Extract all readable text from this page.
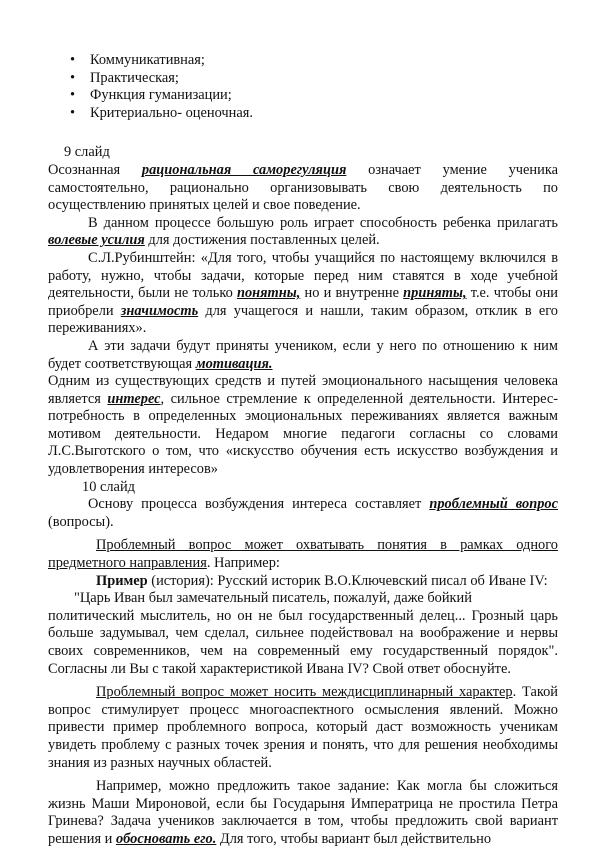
• Коммуникативная;
• Практическая;
• Функция гуманизации;
• Критериально- оценочная.

9 слайд

Осознанная рациональная саморегуляция означает умение ученика самостоятельно, рационально организовывать свою деятельность по осуществлению принятых целей и свое поведение.

В данном процессе большую роль играет способность ребенка прилагать волевые усилия для достижения поставленных целей.

С.Л.Рубинштейн: «Для того, чтобы учащийся по настоящему включился в работу, нужно, чтобы задачи, которые перед ним ставятся в ходе учебной деятельности, были не только понятны, но и внутренне приняты, т.е. чтобы они приобрели значимость для учащегося и нашли, таким образом, отклик в его переживаниях».

А эти задачи будут приняты учеником, если у него по отношению к ним будет соответствующая мотивация.

Одним из существующих средств и путей эмоционального насыщения человека является интерес, сильное стремление к определенной деятельности. Интерес- потребность в определенных эмоциональных переживаниях является важным мотивом деятельности. Недаром многие педагоги согласны со словами Л.С.Выготского о том, что «искусство обучения есть искусство возбуждения и удовлетворения интересов»

10 слайд

Основу процесса возбуждения интереса составляет проблемный вопрос (вопросы).

Проблемный вопрос может охватывать понятия в рамках одного предметного направления. Например:

Пример (история): Русский историк В.О.Ключевский писал об Иване IV:

"Царь Иван был замечательный писатель, пожалуй, даже бойкий

политический мыслитель, но он не был государственный делец... Грозный царь больше задумывал, чем сделал, сильнее подействовал на воображение и нервы своих современников, чем на современный ему государственный порядок". Согласны ли Вы с такой характеристикой Ивана IV? Свой ответ обоснуйте.

Проблемный вопрос может носить междисциплинарный характер. Такой вопрос стимулирует процесс многоаспектного осмысления явлений. Можно привести пример проблемного вопроса, который даст возможность ученикам увидеть проблему с разных точек зрения и понять, что для решения необходимы знания из разных научных областей.

Например, можно предложить такое задание: Как могла бы сложиться жизнь Маши Мироновой, если бы Государыня Императрица не простила Петра Гринева? Задача учеников заключается в том, чтобы предложить свой вариант решения и обосновать его. Для того, чтобы вариант был действительно
